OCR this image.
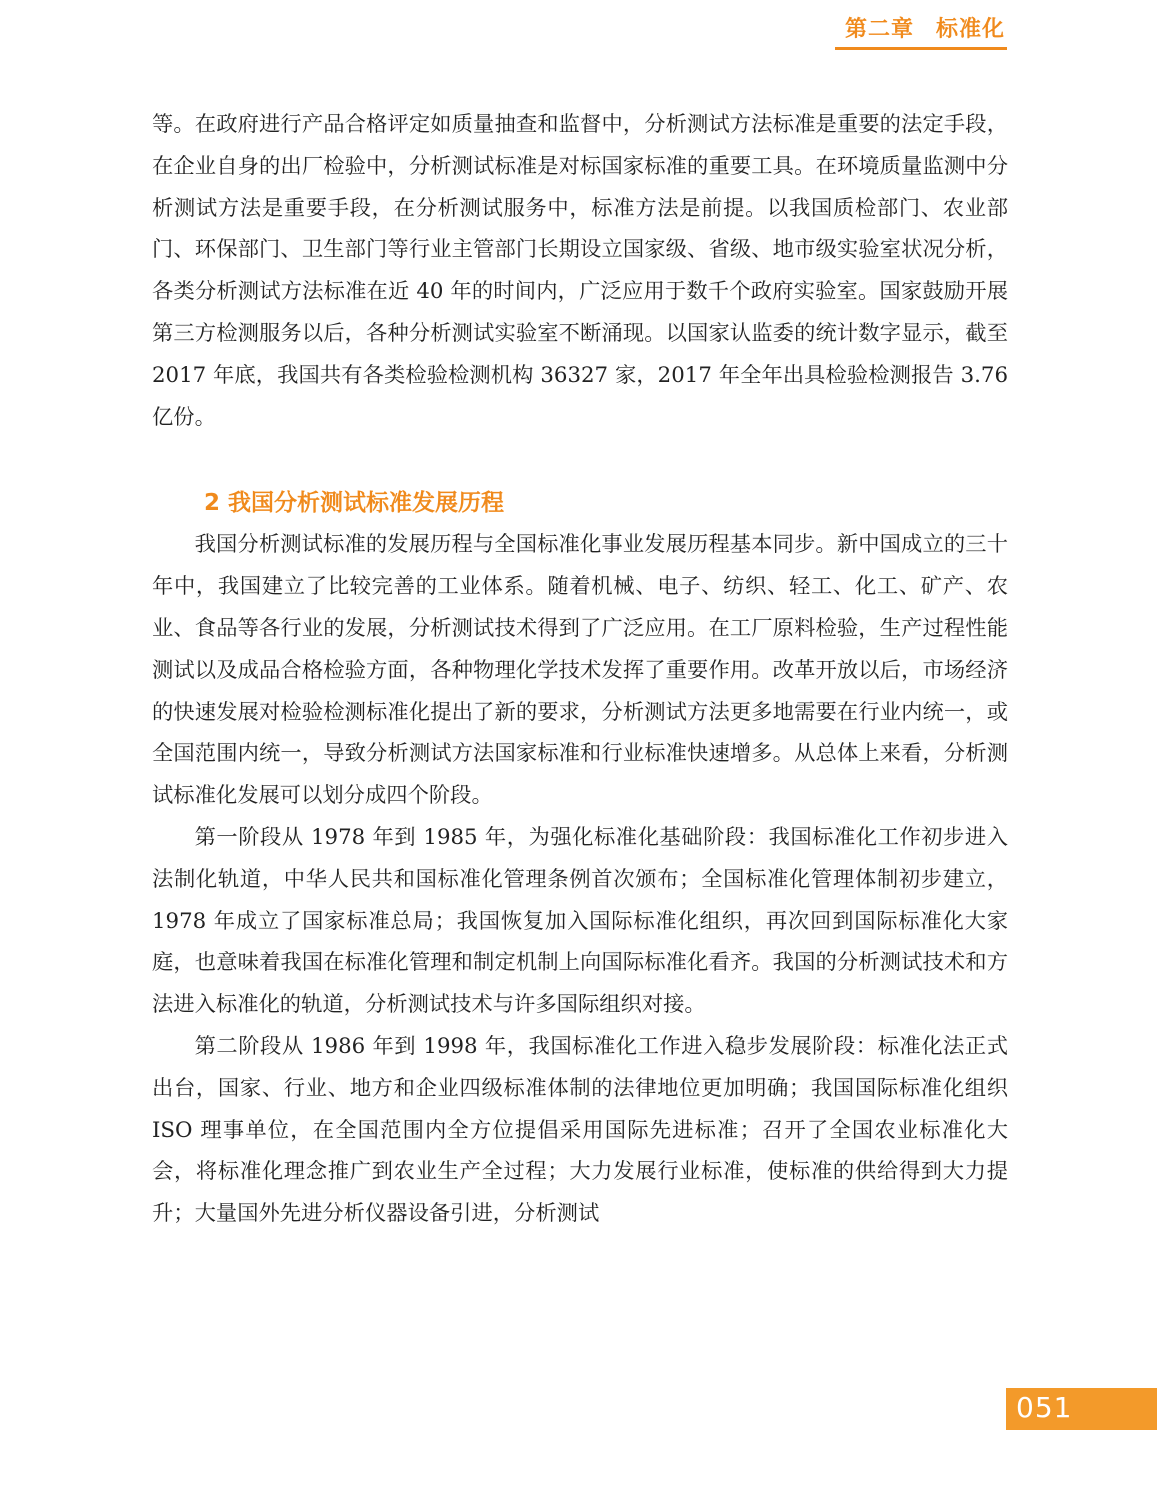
第二章 标准化

等。在政府进行产品合格评定如质量抽查和监督中，分析测试方法标准是重要的法定手段，在企业自身的出厂检验中，分析测试标准是对标国家标准的重要工具。在环境质量监测中分析测试方法是重要手段，在分析测试服务中，标准方法是前提。以我国质检部门、农业部门、环保部门、卫生部门等行业主管部门长期设立国家级、省级、地市级实验室状况分析，各类分析测试方法标准在近 40 年的时间内，广泛应用于数千个政府实验室。国家鼓励开展第三方检测服务以后，各种分析测试实验室不断涌现。以国家认监委的统计数字显示，截至 2017 年底，我国共有各类检验检测机构 36327 家，2017 年全年出具检验检测报告 3.76 亿份。

2 我国分析测试标准发展历程

我国分析测试标准的发展历程与全国标准化事业发展历程基本同步。新中国成立的三十年中，我国建立了比较完善的工业体系。随着机械、电子、纺织、轻工、化工、矿产、农业、食品等各行业的发展，分析测试技术得到了广泛应用。在工厂原料检验，生产过程性能测试以及成品合格检验方面，各种物理化学技术发挥了重要作用。改革开放以后，市场经济的快速发展对检验检测标准化提出了新的要求，分析测试方法更多地需要在行业内统一，或全国范围内统一，导致分析测试方法国家标准和行业标准快速增多。从总体上来看，分析测试标准化发展可以划分成四个阶段。

第一阶段从 1978 年到 1985 年，为强化标准化基础阶段：我国标准化工作初步进入法制化轨道，中华人民共和国标准化管理条例首次颁布；全国标准化管理体制初步建立，1978 年成立了国家标准总局；我国恢复加入国际标准化组织，再次回到国际标准化大家庭，也意味着我国在标准化管理和制定机制上向国际标准化看齐。我国的分析测试技术和方法进入标准化的轨道，分析测试技术与许多国际组织对接。

第二阶段从 1986 年到 1998 年，我国标准化工作进入稳步发展阶段：标准化法正式出台，国家、行业、地方和企业四级标准体制的法律地位更加明确；我国国际标准化组织 ISO 理事单位，在全国范围内全方位提倡采用国际先进标准；召开了全国农业标准化大会，将标准化理念推广到农业生产全过程；大力发展行业标准，使标准的供给得到大力提升；大量国外先进分析仪器设备引进，分析测试

051
